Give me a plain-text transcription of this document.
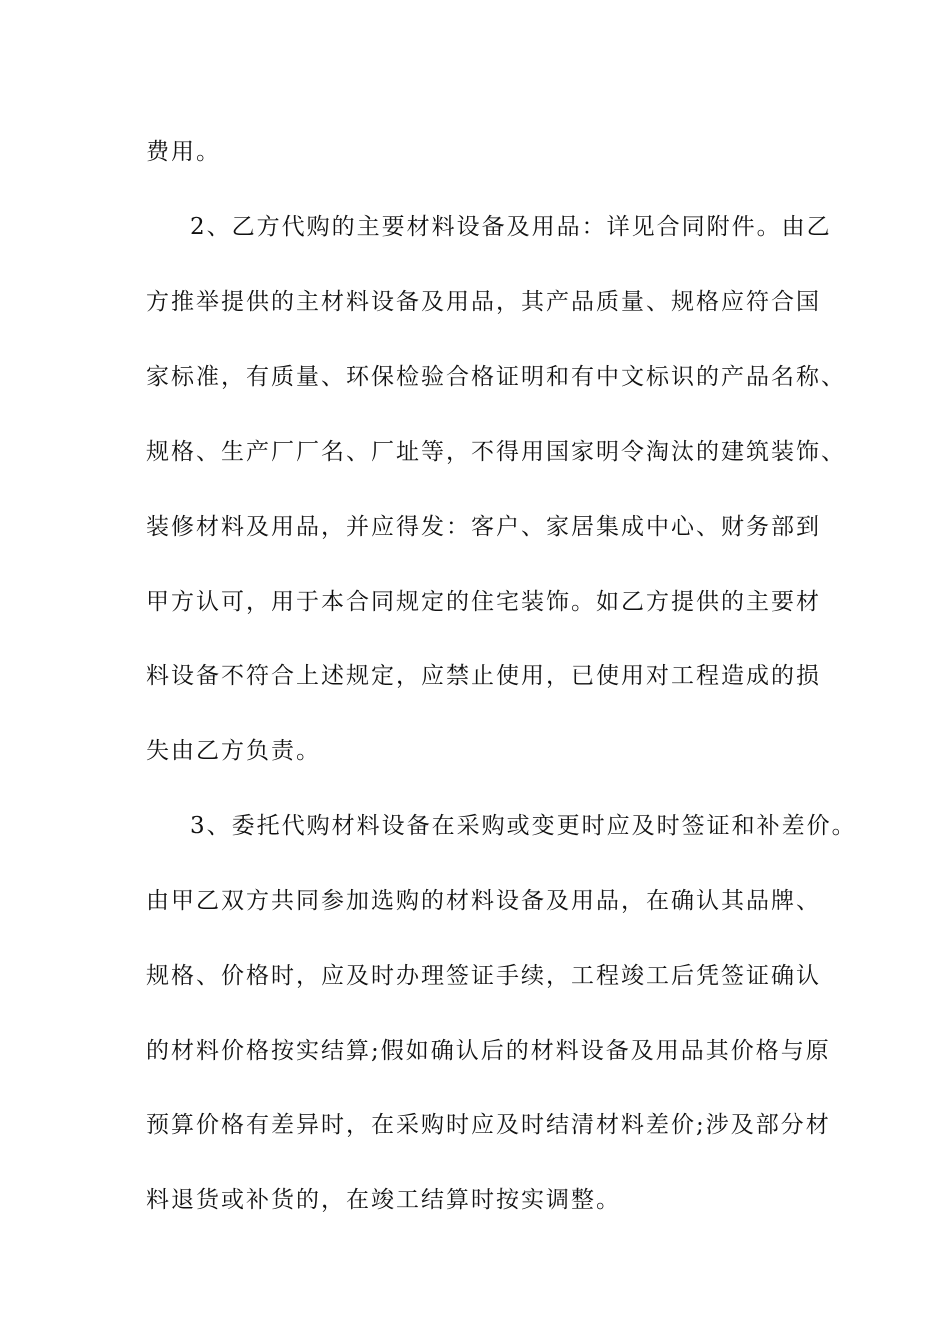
费用。
2、乙方代购的主要材料设备及用品：详见合同附件。由乙
方推举提供的主材料设备及用品，其产品质量、规格应符合国
家标准，有质量、环保检验合格证明和有中文标识的产品名称、
规格、生产厂厂名、厂址等，不得用国家明令淘汰的建筑装饰、
装修材料及用品，并应得发：客户、家居集成中心、财务部到
甲方认可，用于本合同规定的住宅装饰。如乙方提供的主要材
料设备不符合上述规定，应禁止使用，已使用对工程造成的损
失由乙方负责。
3、委托代购材料设备在采购或变更时应及时签证和补差价。
由甲乙双方共同参加选购的材料设备及用品，在确认其品牌、
规格、价格时，应及时办理签证手续，工程竣工后凭签证确认
的材料价格按实结算;假如确认后的材料设备及用品其价格与原
预算价格有差异时，在采购时应及时结清材料差价;涉及部分材
料退货或补货的，在竣工结算时按实调整。
